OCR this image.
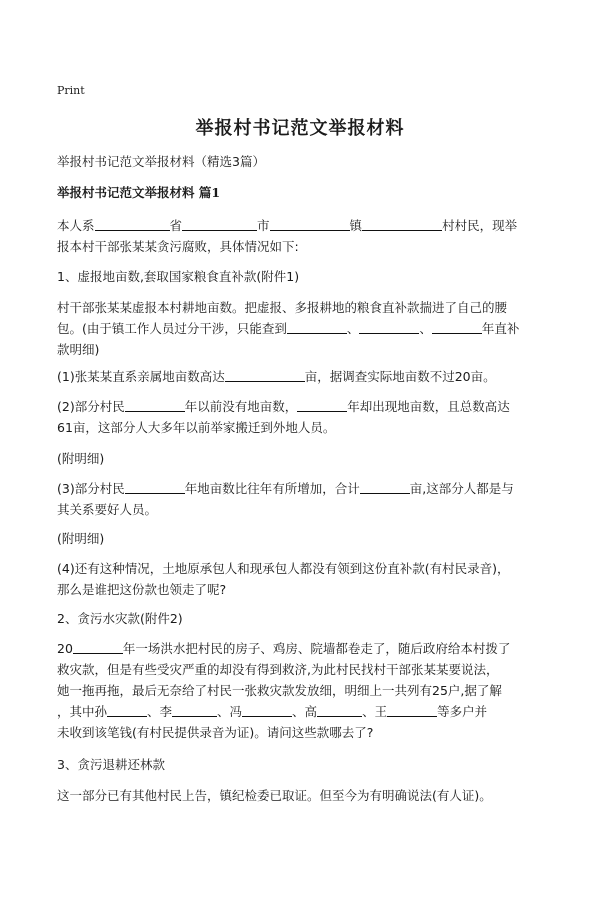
Print
举报村书记范文举报材料
举报村书记范文举报材料（精选3篇）
举报村书记范文举报材料 篇1
本人系	省	市	镇	村村民，现举
报本村干部张某某贪污腐败，具体情况如下:
1、虚报地亩数,套取国家粮食直补款(附件1)
村干部张某某虚报本村耕地亩数。把虚报、多报耕地的粮食直补款揣进了自己的腰
包。(由于镇工作人员过分干涉，只能查到	、	、	年直补
款明细)
(1)张某某直系亲属地亩数高达	亩，据调查实际地亩数不过20亩。
(2)部分村民	年以前没有地亩数，	年却出现地亩数，且总数高达
61亩，这部分人大多年以前举家搬迁到外地人员。
(附明细)
(3)部分村民	年地亩数比往年有所增加，合计	亩,这部分人都是与
其关系要好人员。
(附明细)
(4)还有这种情况，土地原承包人和现承包人都没有领到这份直补款(有村民录音)，
那么是谁把这份款也领走了呢?
2、贪污水灾款(附件2)
20	年一场洪水把村民的房子、鸡房、院墙都卷走了，随后政府给本村拨了
救灾款，但是有些受灾严重的却没有得到救济,为此村民找村干部张某某要说法，
她一拖再拖，最后无奈给了村民一张救灾款发放细，明细上一共列有25户,据了解
，其中孙	、李	、冯	、高	、王	等多户并
未收到该笔钱(有村民提供录音为证)。请问这些款哪去了?
3、贪污退耕还林款
这一部分已有其他村民上告，镇纪检委已取证。但至今为有明确说法(有人证)。
